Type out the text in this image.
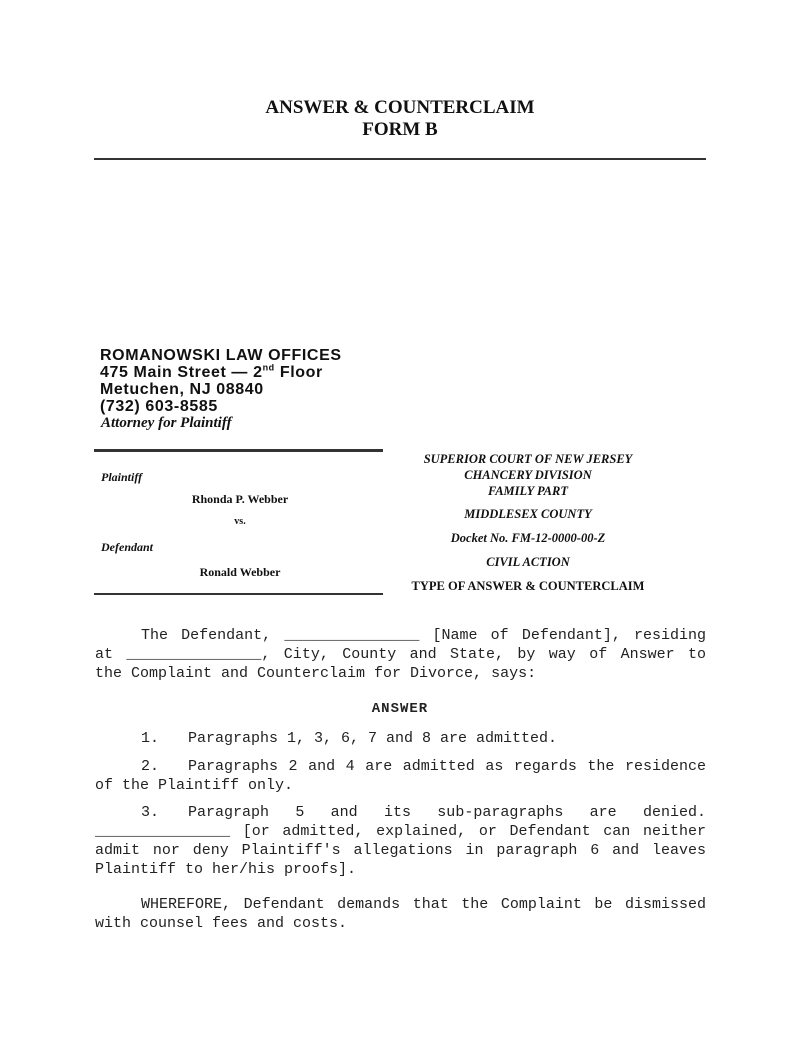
ANSWER & COUNTERCLAIM
FORM B
ROMANOWSKI LAW OFFICES
475 Main Street — 2nd Floor
Metuchen, NJ 08840
(732) 603-8585
Attorney for Plaintiff
Plaintiff
Rhonda P. Webber
vs.
Defendant
Ronald Webber
SUPERIOR COURT OF NEW JERSEY
CHANCERY DIVISION
FAMILY PART
MIDDLESEX COUNTY
Docket No. FM-12-0000-00-Z
CIVIL ACTION
TYPE OF ANSWER & COUNTERCLAIM
The Defendant, _______________ [Name of Defendant], residing
at _______________, City, County and State, by way of Answer to
the Complaint and Counterclaim for Divorce, says:
ANSWER
1. Paragraphs 1, 3, 6, 7 and 8 are admitted.
2. Paragraphs 2 and 4 are admitted as regards the residence
of the Plaintiff only.
3. Paragraph 5 and its sub-paragraphs are denied.
_______________ [or admitted, explained, or Defendant can neither
admit nor deny Plaintiff's allegations in paragraph 6 and leaves
Plaintiff to her/his proofs].
WHEREFORE, Defendant demands that the Complaint be dismissed
with counsel fees and costs.
